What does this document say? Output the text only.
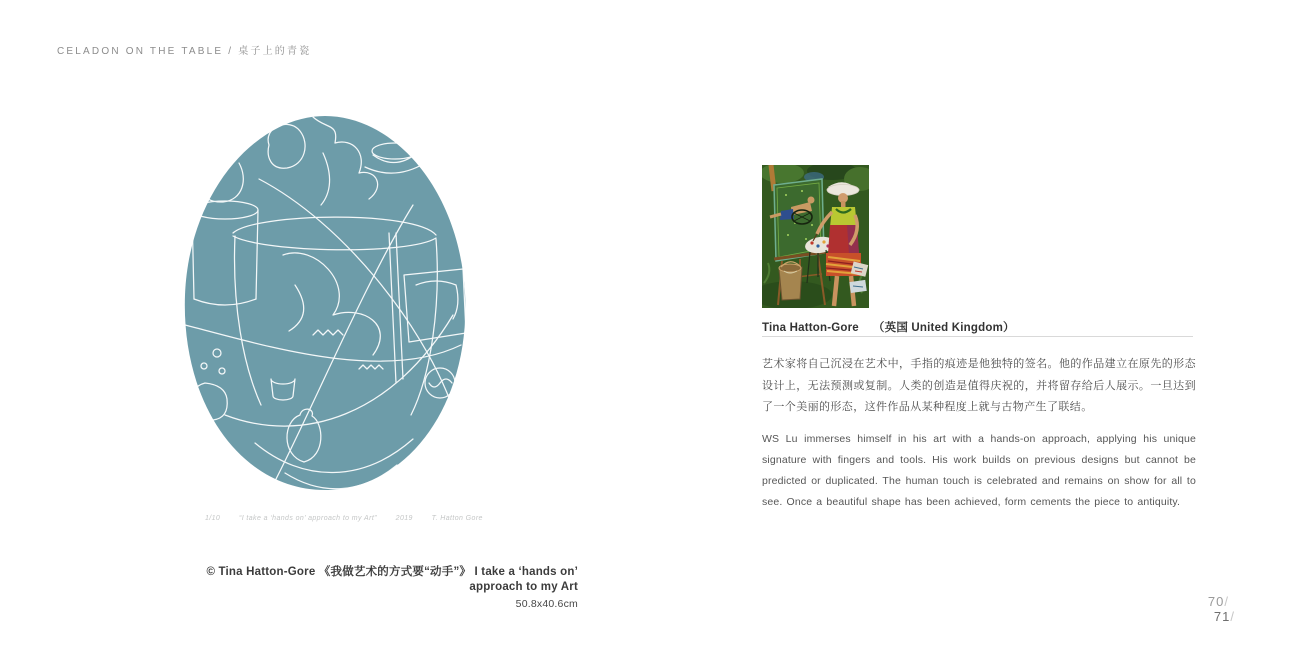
CELADON ON THE TABLE / 桌子上的青瓷
1/10        “I take a ‘hands on’ approach to my Art”        2019        T. Hatton Gore
© Tina Hatton-Gore 《我做艺术的方式要“动手”》 I take a ‘hands on’ approach to my Art
50.8x40.6cm
Tina Hatton-Gore （英国 United Kingdom）
艺术家将自己沉浸在艺术中，手指的痕迹是他独特的签名。他的作品建立在原先的形态设计上，无法预测或复制。人类的创造是值得庆祝的，并将留存给后人展示。一旦达到了一个美丽的形态，这件作品从某种程度上就与古物产生了联结。
WS Lu immerses himself in his art with a hands-on approach, applying his unique signature with fingers and tools. His work builds on previous designs but cannot be predicted or duplicated. The human touch is celebrated and remains on show for all to see. Once a beautiful shape has been achieved, form cements the piece to antiquity.
70/
71/
